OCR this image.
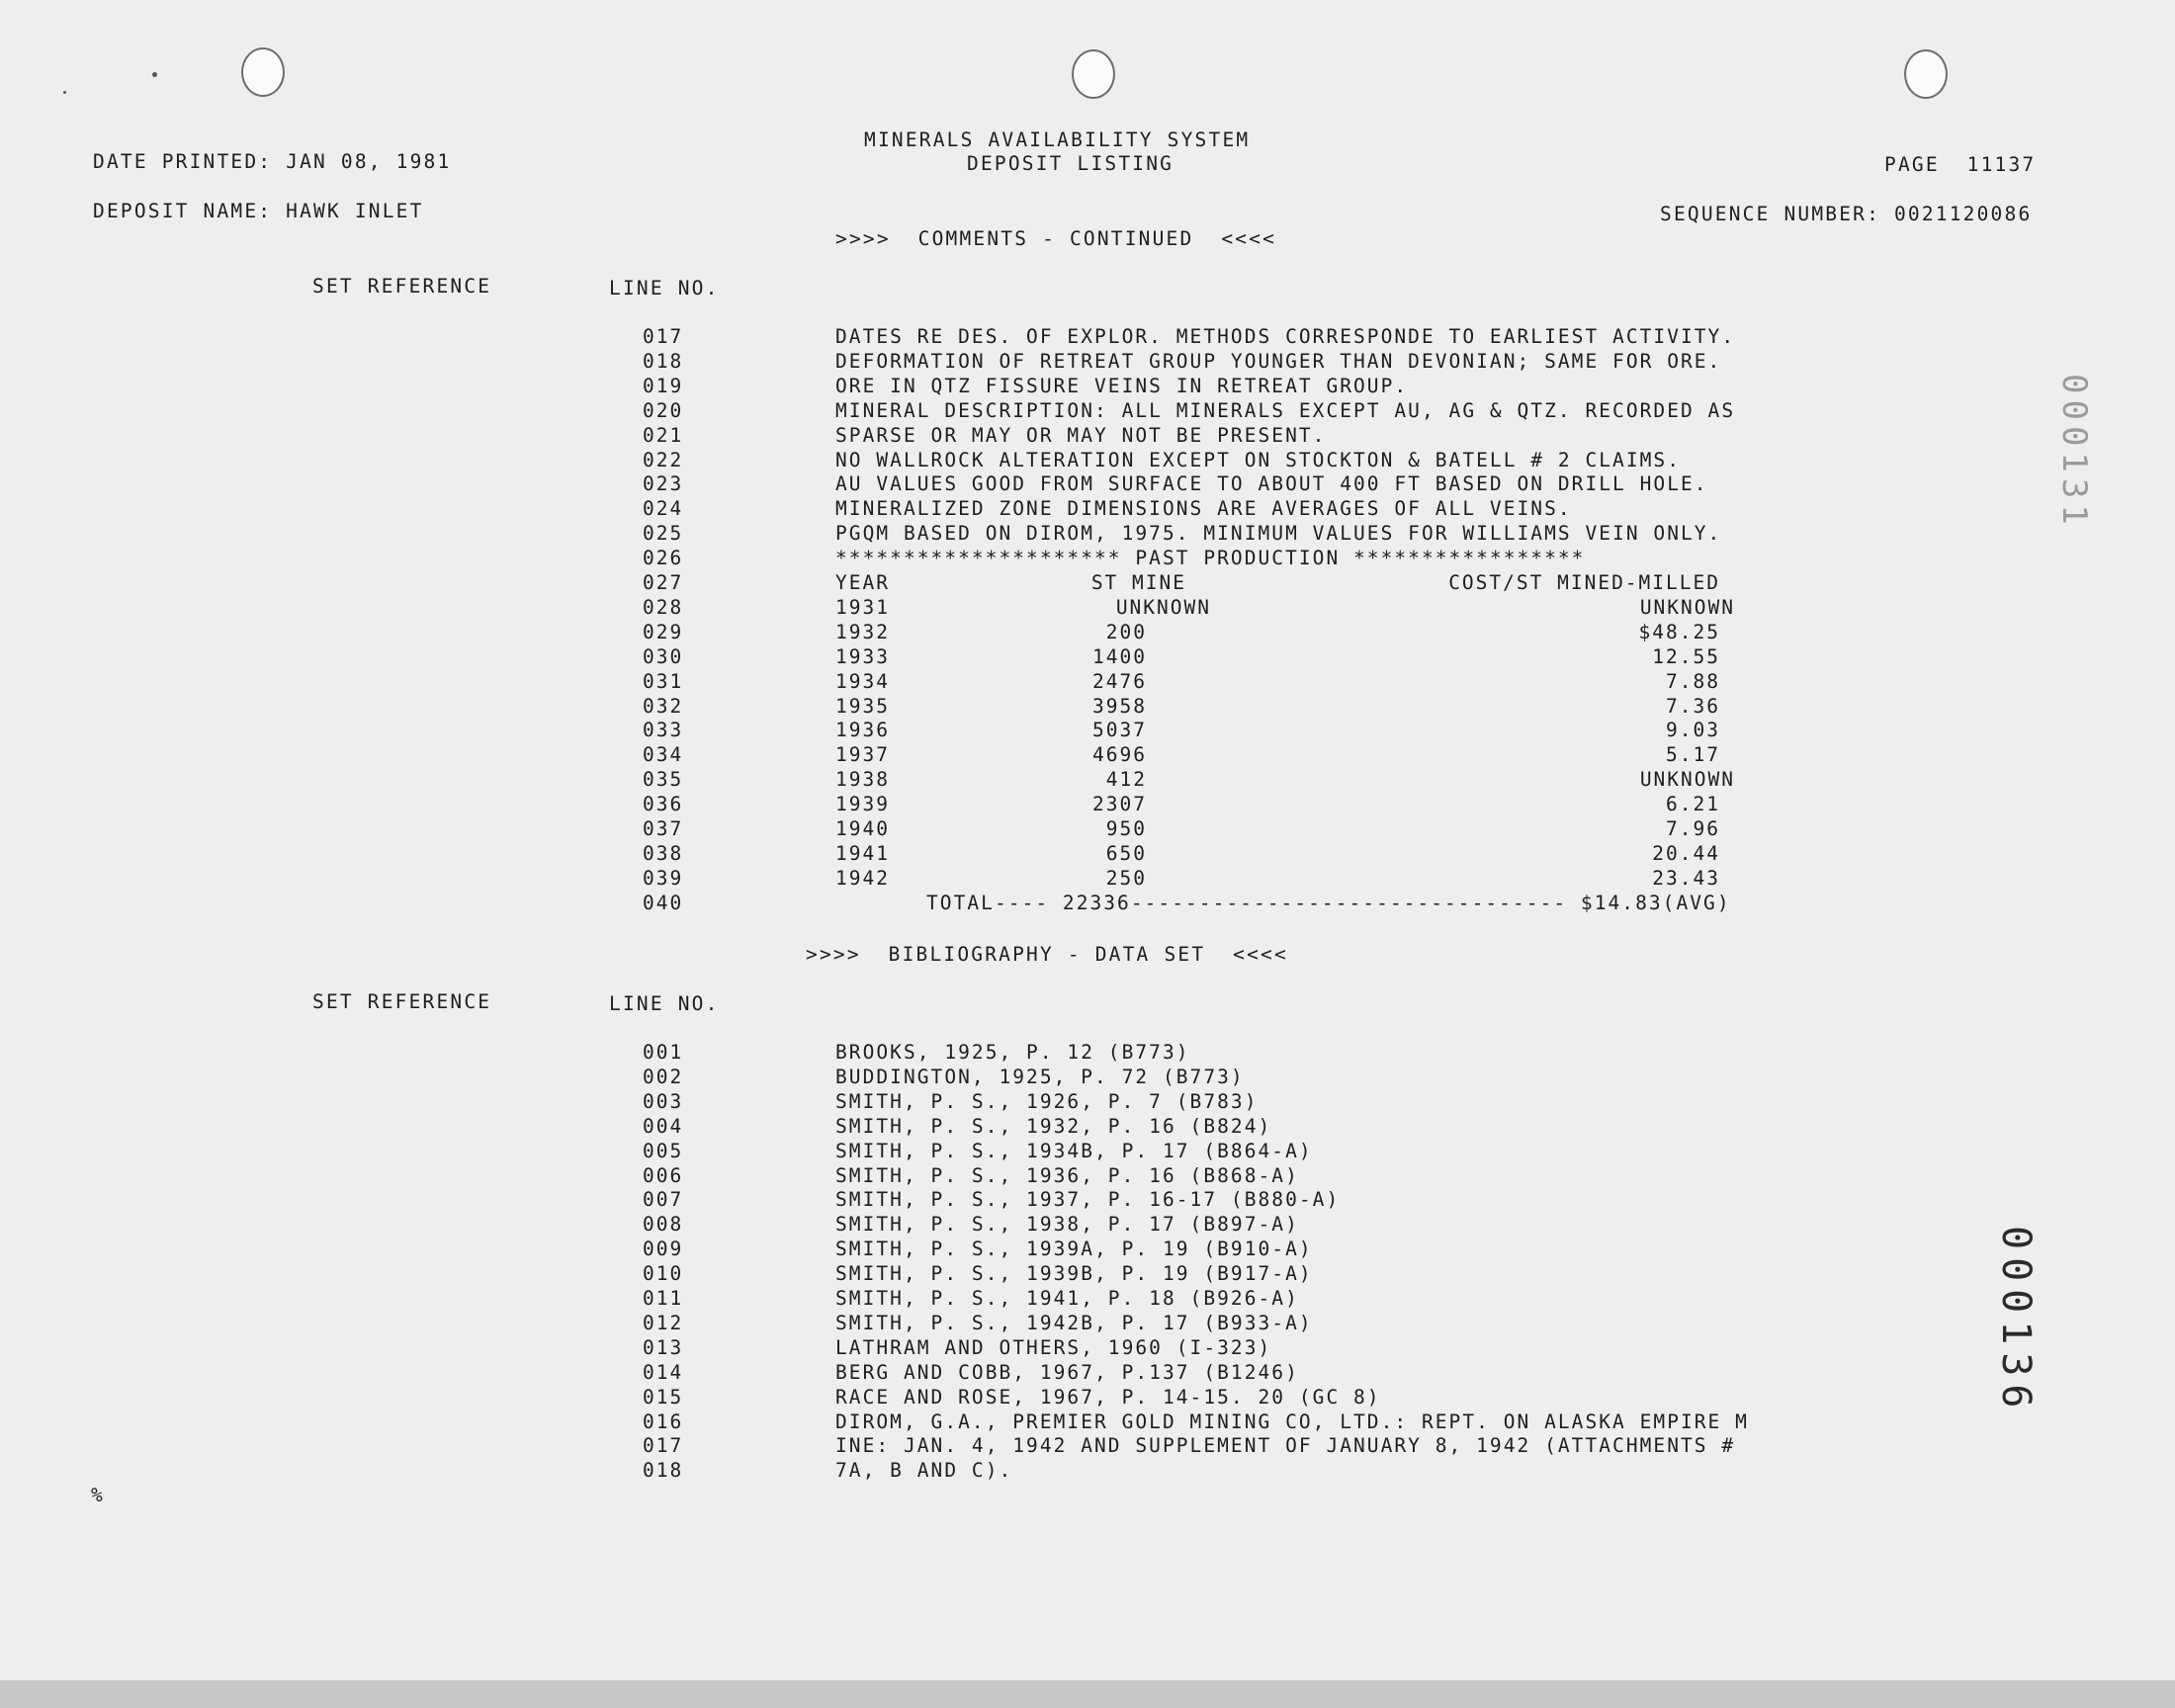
MINERALS AVAILABILITY SYSTEM
DEPOSIT LISTING
DATE PRINTED: JAN 08, 1981	PAGE  11137
DEPOSIT NAME: HAWK INLET	SEQUENCE NUMBER: 0021120086
>>>>  COMMENTS - CONTINUED  <<<<
SET REFERENCE	LINE NO.
017	DATES RE DES. OF EXPLOR. METHODS CORRESPONDE TO EARLIEST ACTIVITY.
018	DEFORMATION OF RETREAT GROUP YOUNGER THAN DEVONIAN; SAME FOR ORE.
019	ORE IN QTZ FISSURE VEINS IN RETREAT GROUP.
020	MINERAL DESCRIPTION: ALL MINERALS EXCEPT AU, AG & QTZ. RECORDED AS
021	SPARSE OR MAY OR MAY NOT BE PRESENT.
022	NO WALLROCK ALTERATION EXCEPT ON STOCKTON & BATELL # 2 CLAIMS.
023	AU VALUES GOOD FROM SURFACE TO ABOUT 400 FT BASED ON DRILL HOLE.
024	MINERALIZED ZONE DIMENSIONS ARE AVERAGES OF ALL VEINS.
025	PGQM BASED ON DIROM, 1975. MINIMUM VALUES FOR WILLIAMS VEIN ONLY.
026	********************* PAST PRODUCTION *****************
027	YEAR	ST MINE	COST/ST MINED-MILLED
028	1931	UNKNOWN	UNKNOWN
029	1932	200	$48.25
030	1933	1400	12.55
031	1934	2476	7.88
032	1935	3958	7.36
033	1936	5037	9.03
034	1937	4696	5.17
035	1938	412	UNKNOWN
036	1939	2307	6.21
037	1940	950	7.96
038	1941	650	20.44
039	1942	250	23.43
040	TOTAL---- 22336-------------------------------- $14.83(AVG)
>>>>  BIBLIOGRAPHY - DATA SET  <<<<
SET REFERENCE	LINE NO.
001	BROOKS, 1925, P. 12 (B773)
002	BUDDINGTON, 1925, P. 72 (B773)
003	SMITH, P. S., 1926, P. 7 (B783)
004	SMITH, P. S., 1932, P. 16 (B824)
005	SMITH, P. S., 1934B, P. 17 (B864-A)
006	SMITH, P. S., 1936, P. 16 (B868-A)
007	SMITH, P. S., 1937, P. 16-17 (B880-A)
008	SMITH, P. S., 1938, P. 17 (B897-A)
009	SMITH, P. S., 1939A, P. 19 (B910-A)
010	SMITH, P. S., 1939B, P. 19 (B917-A)
011	SMITH, P. S., 1941, P. 18 (B926-A)
012	SMITH, P. S., 1942B, P. 17 (B933-A)
013	LATHRAM AND OTHERS, 1960 (I-323)
014	BERG AND COBB, 1967, P.137 (B1246)
015	RACE AND ROSE, 1967, P. 14-15. 20 (GC 8)
016	DIROM, G.A., PREMIER GOLD MINING CO, LTD.: REPT. ON ALASKA EMPIRE M
017	INE: JAN. 4, 1942 AND SUPPLEMENT OF JANUARY 8, 1942 (ATTACHMENTS #
018	7A, B AND C).
%
000131
000136
